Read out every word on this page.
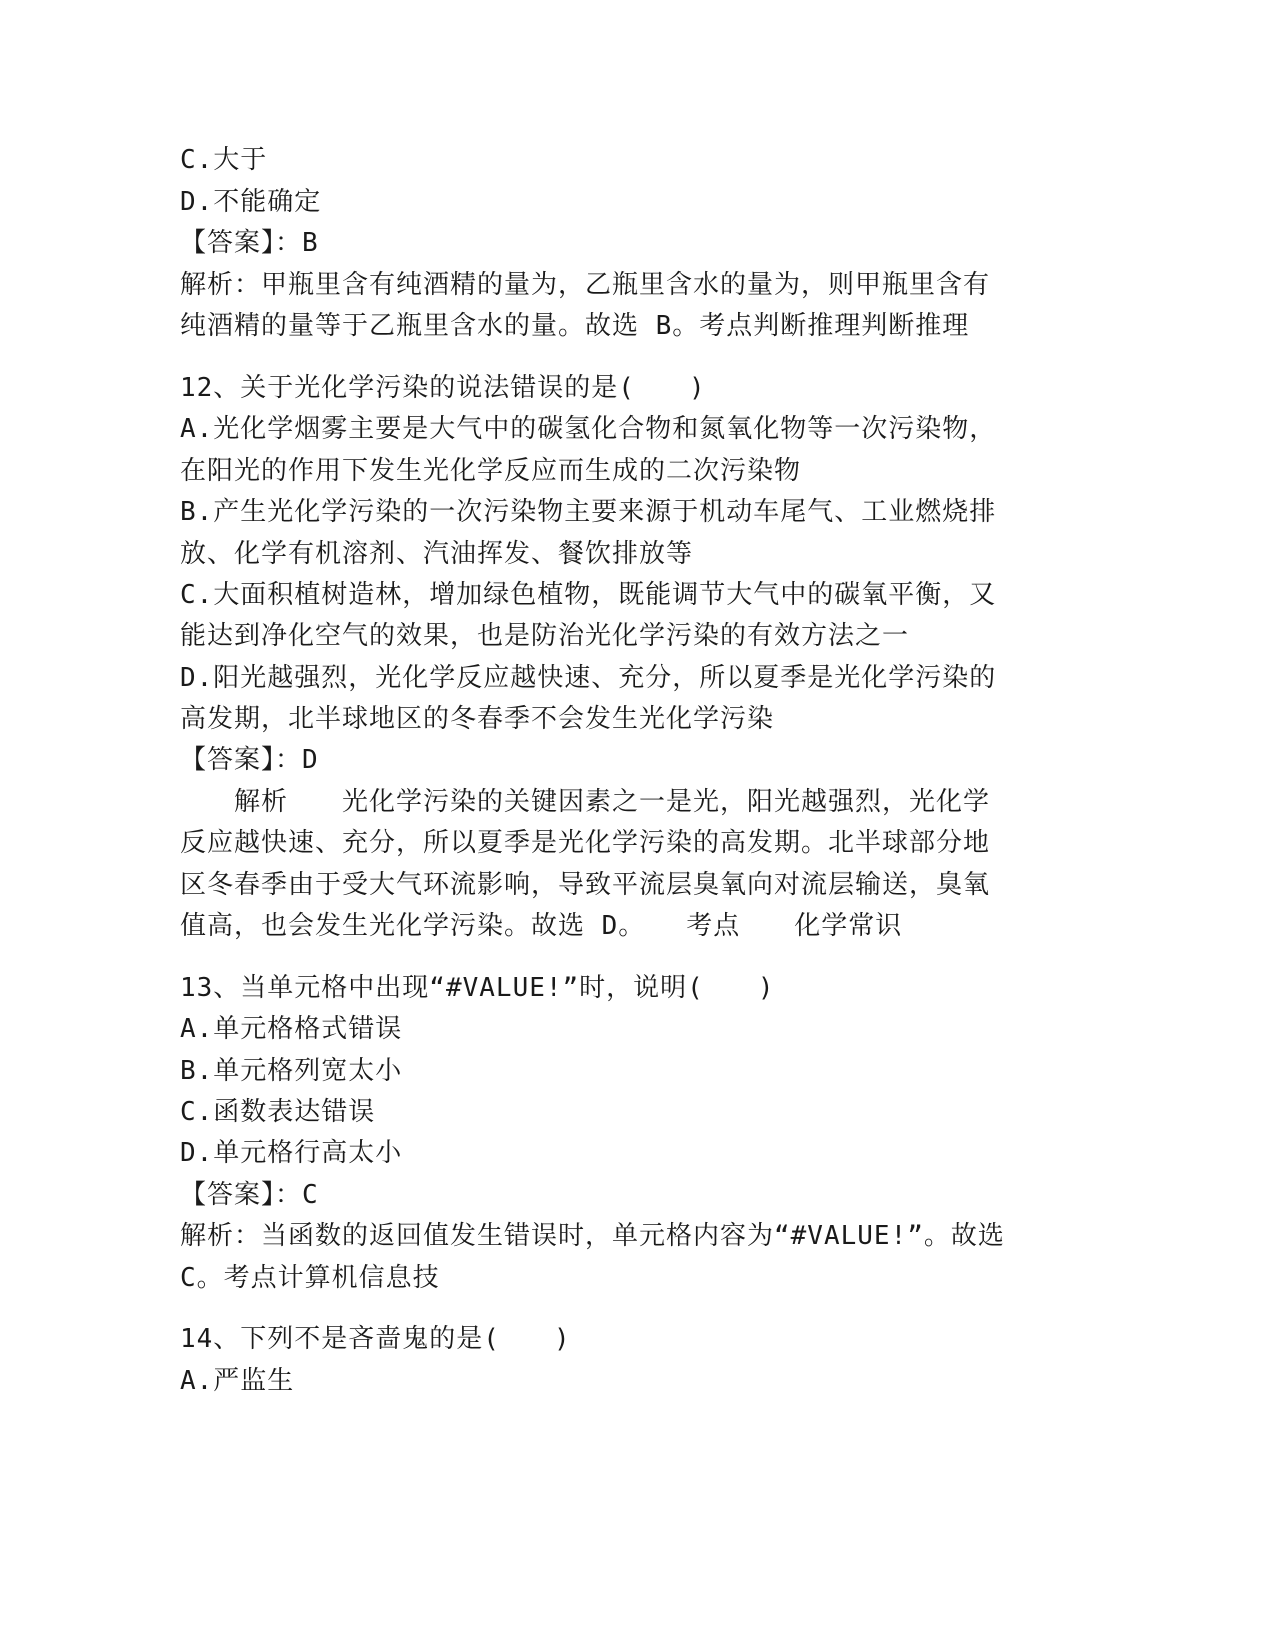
C.大于
D.不能确定
【答案】：B
解析：甲瓶里含有纯酒精的量为，乙瓶里含水的量为，则甲瓶里含有
纯酒精的量等于乙瓶里含水的量。故选 B。考点判断推理判断推理
12、关于光化学污染的说法错误的是(　　)
A.光化学烟雾主要是大气中的碳氢化合物和氮氧化物等一次污染物，
在阳光的作用下发生光化学反应而生成的二次污染物
B.产生光化学污染的一次污染物主要来源于机动车尾气、工业燃烧排
放、化学有机溶剂、汽油挥发、餐饮排放等
C.大面积植树造林，增加绿色植物，既能调节大气中的碳氧平衡，又
能达到净化空气的效果，也是防治光化学污染的有效方法之一
D.阳光越强烈，光化学反应越快速、充分，所以夏季是光化学污染的
高发期，北半球地区的冬春季不会发生光化学污染
【答案】：D
　　解析　　光化学污染的关键因素之一是光，阳光越强烈，光化学
反应越快速、充分，所以夏季是光化学污染的高发期。北半球部分地
区冬春季由于受大气环流影响，导致平流层臭氧向对流层输送，臭氧
值高，也会发生光化学污染。故选 D。　　考点　　化学常识
13、当单元格中出现“#VALUE!”时，说明(　　)
A.单元格格式错误
B.单元格列宽太小
C.函数表达错误
D.单元格行高太小
【答案】：C
解析：当函数的返回值发生错误时，单元格内容为“#VALUE!”。故选
C。考点计算机信息技
14、下列不是吝啬鬼的是(　　)
A.严监生
